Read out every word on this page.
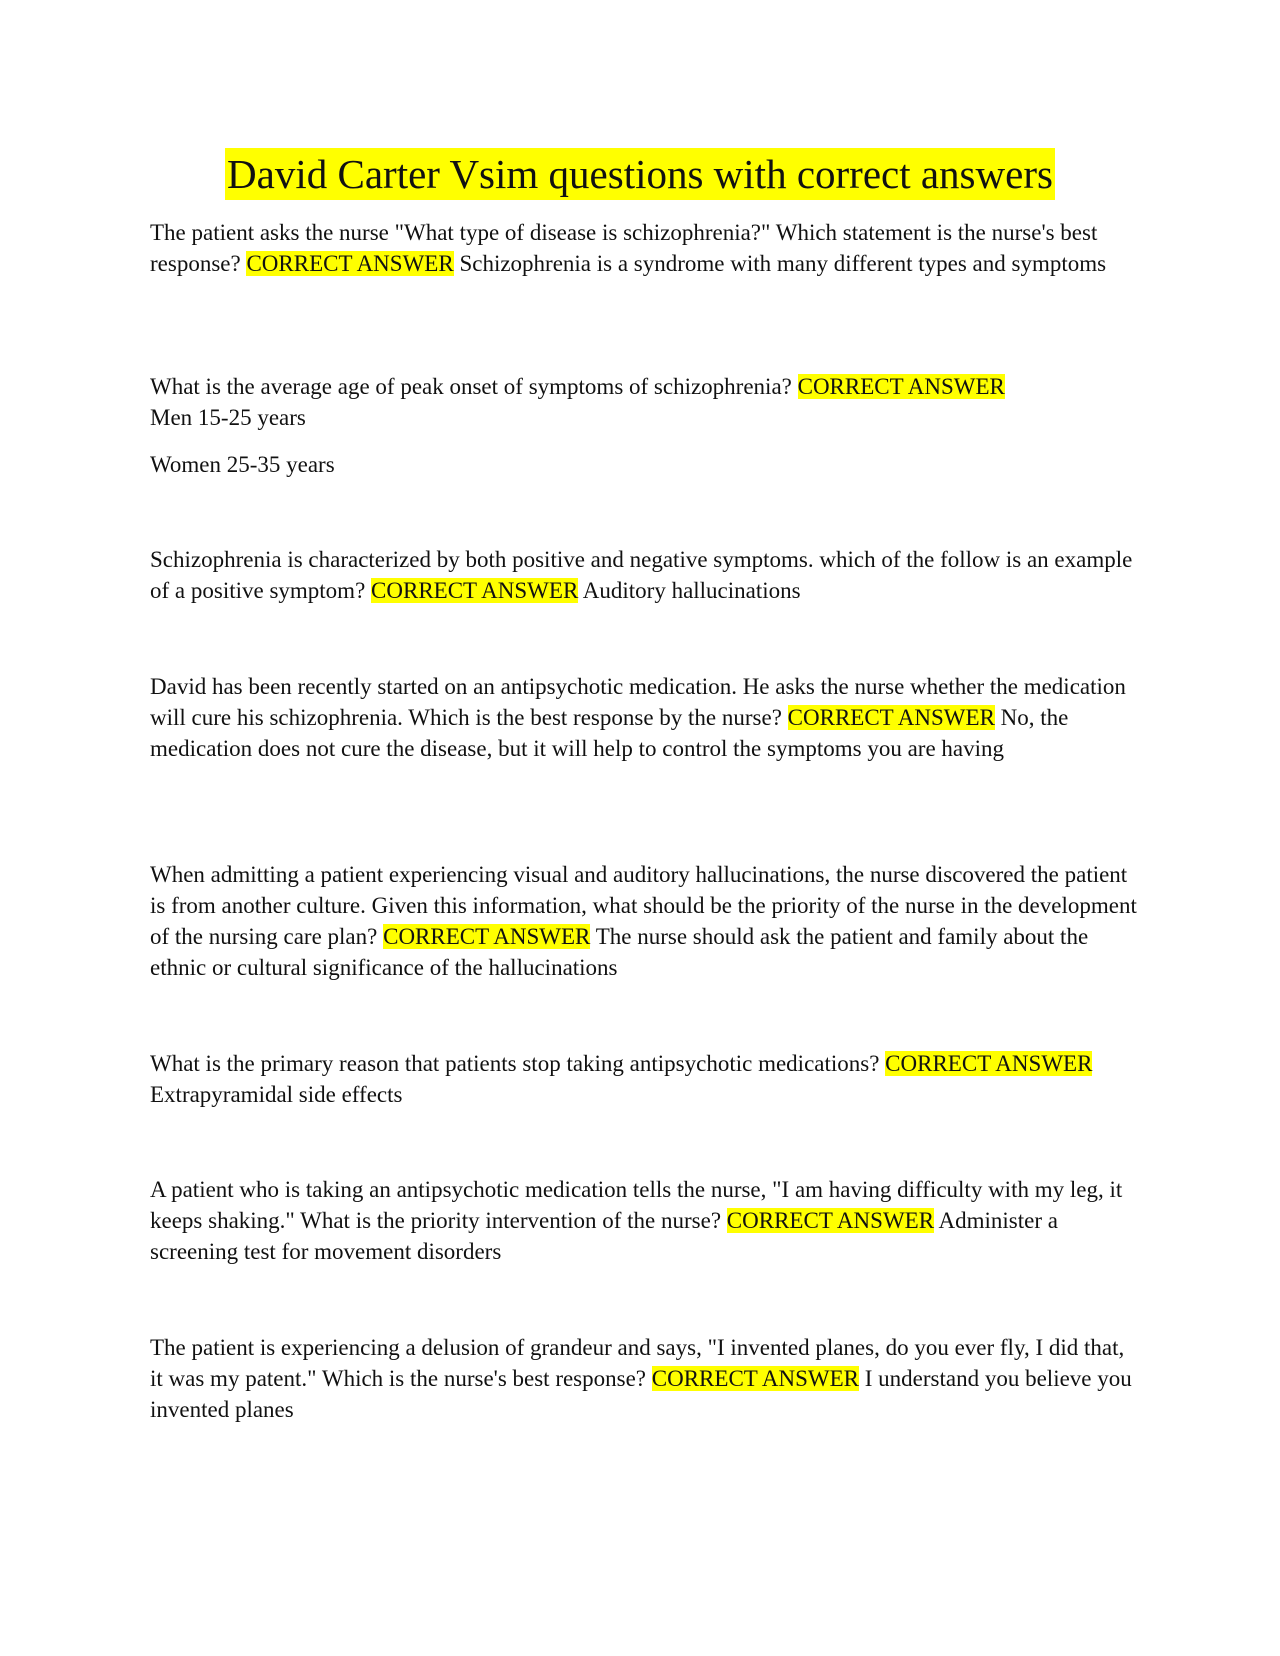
David Carter Vsim questions with correct answers

The patient asks the nurse "What type of disease is schizophrenia?" Which statement is the nurse's best response? CORRECT ANSWER Schizophrenia is a syndrome with many different types and symptoms

What is the average age of peak onset of symptoms of schizophrenia? CORRECT ANSWER
Men 15-25 years

Women 25-35 years

Schizophrenia is characterized by both positive and negative symptoms. which of the follow is an example of a positive symptom? CORRECT ANSWER Auditory hallucinations

David has been recently started on an antipsychotic medication. He asks the nurse whether the medication will cure his schizophrenia. Which is the best response by the nurse? CORRECT ANSWER No, the medication does not cure the disease, but it will help to control the symptoms you are having

When admitting a patient experiencing visual and auditory hallucinations, the nurse discovered the patient is from another culture. Given this information, what should be the priority of the nurse in the development of the nursing care plan? CORRECT ANSWER The nurse should ask the patient and family about the ethnic or cultural significance of the hallucinations

What is the primary reason that patients stop taking antipsychotic medications? CORRECT ANSWER Extrapyramidal side effects

A patient who is taking an antipsychotic medication tells the nurse, "I am having difficulty with my leg, it keeps shaking." What is the priority intervention of the nurse? CORRECT ANSWER Administer a screening test for movement disorders

The patient is experiencing a delusion of grandeur and says, "I invented planes, do you ever fly, I did that, it was my patent." Which is the nurse's best response? CORRECT ANSWER I understand you believe you invented planes
